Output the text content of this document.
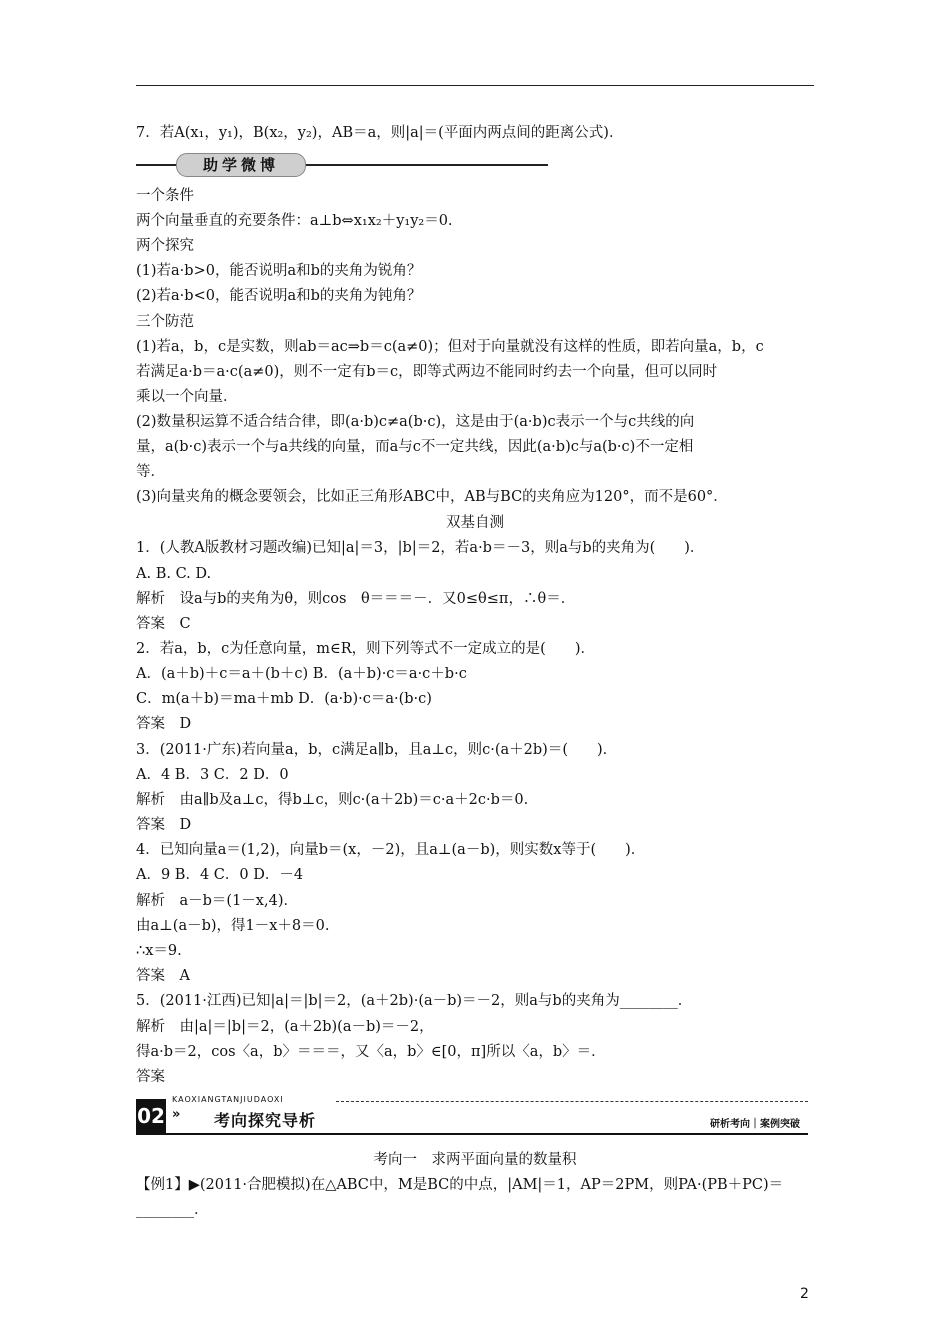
7．若A(x₁，y₁)，B(x₂，y₂)，AB＝a，则|a|＝(平面内两点间的距离公式)．
助学微博
一个条件
两个向量垂直的充要条件：a⊥b⇔x₁x₂＋y₁y₂＝0.
两个探究
(1)若a·b>0，能否说明a和b的夹角为锐角？
(2)若a·b<0，能否说明a和b的夹角为钝角？
三个防范
(1)若a，b，c是实数，则ab＝ac⇒b＝c(a≠0)；但对于向量就没有这样的性质，即若向量a，b，c
若满足a·b＝a·c(a≠0)，则不一定有b＝c，即等式两边不能同时约去一个向量，但可以同时
乘以一个向量．
(2)数量积运算不适合结合律，即(a·b)c≠a(b·c)，这是由于(a·b)c表示一个与c共线的向
量，a(b·c)表示一个与a共线的向量，而a与c不一定共线，因此(a·b)c与a(b·c)不一定相
等．
(3)向量夹角的概念要领会，比如正三角形ABC中，AB与BC的夹角应为120°，而不是60°．
双基自测
1．(人教A版教材习题改编)已知|a|＝3，|b|＝2，若a·b＝－3，则a与b的夹角为(　　)．
A. B. C. D.
解析　设a与b的夹角为θ，则cos　θ＝＝＝－．又0≤θ≤π，∴θ＝．
答案　C
2．若a，b，c为任意向量，m∈R，则下列等式不一定成立的是(　　)．
A．(a＋b)＋c＝a＋(b＋c) B．(a＋b)·c＝a·c＋b·c
C．m(a＋b)＝ma＋mb D．(a·b)·c＝a·(b·c)
答案　D
3．(2011·广东)若向量a，b，c满足a∥b，且a⊥c，则c·(a＋2b)＝(　　)．
A．4 B．3 C．2 D．0
解析　由a∥b及a⊥c，得b⊥c，则c·(a＋2b)＝c·a＋2c·b＝0.
答案　D
4．已知向量a＝(1,2)，向量b＝(x，－2)，且a⊥(a－b)，则实数x等于(　　)．
A．9 B．4 C．0 D．－4
解析　a－b＝(1－x,4)．
由a⊥(a－b)，得1－x＋8＝0.
∴x＝9.
答案　A
5．(2011·江西)已知|a|＝|b|＝2，(a＋2b)·(a－b)＝－2，则a与b的夹角为________．
解析　由|a|＝|b|＝2，(a＋2b)(a－b)＝－2，
得a·b＝2，cos〈a，b〉＝＝＝，又〈a，b〉∈[0，π]所以〈a，b〉＝．
答案
02
KAOXIANGTANJIUDAOXI
» 考向探究导析	研析考向｜案例突破
考向一　求两平面向量的数量积
【例1】▶(2011·合肥模拟)在△ABC中，M是BC的中点，|AM|＝1，AP＝2PM，则PA·(PB＋PC)＝
________．
2
